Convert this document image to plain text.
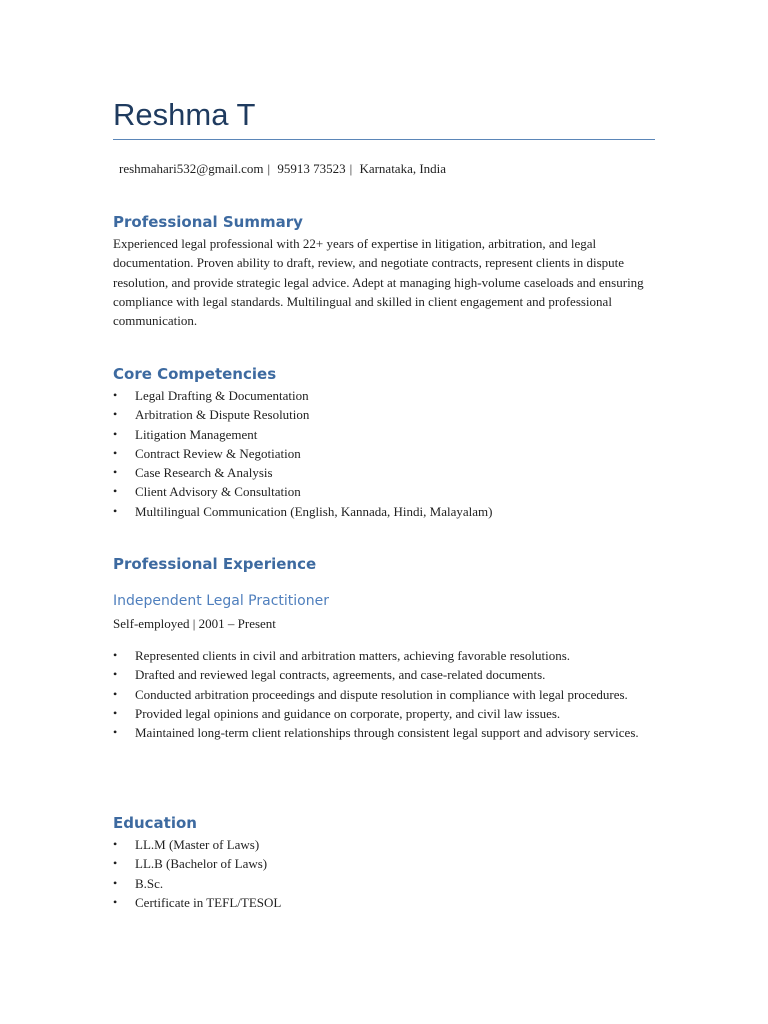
Reshma T
reshmahari532@gmail.com | 95913 73523 | Karnataka, India
Professional Summary
Experienced legal professional with 22+ years of expertise in litigation, arbitration, and legal documentation. Proven ability to draft, review, and negotiate contracts, represent clients in dispute resolution, and provide strategic legal advice. Adept at managing high-volume caseloads and ensuring compliance with legal standards. Multilingual and skilled in client engagement and professional communication.
Core Competencies
• Legal Drafting & Documentation
• Arbitration & Dispute Resolution
• Litigation Management
• Contract Review & Negotiation
• Case Research & Analysis
• Client Advisory & Consultation
• Multilingual Communication (English, Kannada, Hindi, Malayalam)
Professional Experience
Independent Legal Practitioner
Self-employed | 2001 – Present
• Represented clients in civil and arbitration matters, achieving favorable resolutions.
• Drafted and reviewed legal contracts, agreements, and case-related documents.
• Conducted arbitration proceedings and dispute resolution in compliance with legal procedures.
• Provided legal opinions and guidance on corporate, property, and civil law issues.
• Maintained long-term client relationships through consistent legal support and advisory services.
Education
• LL.M (Master of Laws)
• LL.B (Bachelor of Laws)
• B.Sc.
• Certificate in TEFL/TESOL
